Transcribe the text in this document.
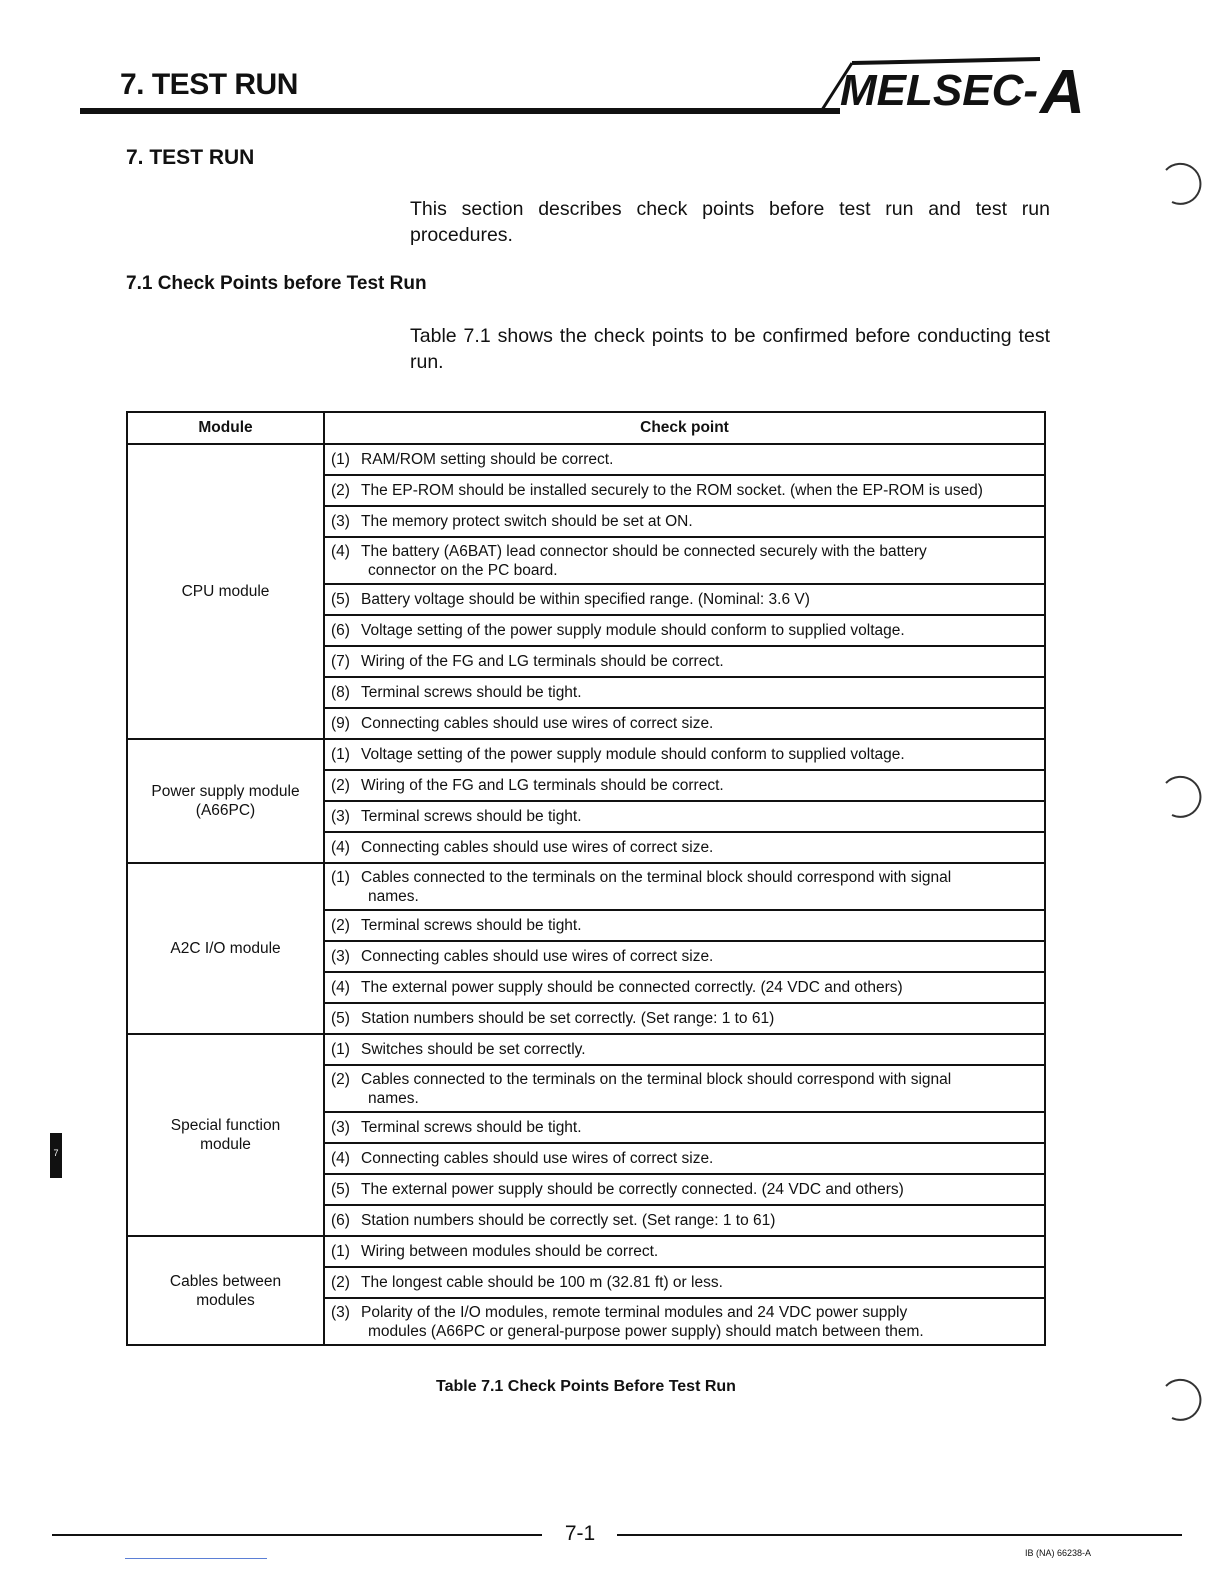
7. TEST RUN	MELSEC- A
7. TEST RUN
This section describes check points before test run and test run procedures.
7.1 Check Points before Test Run
Table 7.1 shows the check points to be confirmed before conducting test run.
Module	Check point
CPU module	(1) RAM/ROM setting should be correct.

	(2) The EP-ROM should be installed securely to the ROM socket. (when the EP-ROM is used)

	(3) The memory protect switch should be set at ON.

	(4) The battery (A6BAT) lead connector should be connected securely with the battery
connector on the PC board.

	(5) Battery voltage should be within specified range. (Nominal: 3.6 V)

	(6) Voltage setting of the power supply module should conform to supplied voltage.

	(7) Wiring of the FG and LG terminals should be correct.

	(8) Terminal screws should be tight.

	(9) Connecting cables should use wires of correct size.

Power supply module
(A66PC)	(1) Voltage setting of the power supply module should conform to supplied voltage.

	(2) Wiring of the FG and LG terminals should be correct.

	(3) Terminal screws should be tight.

	(4) Connecting cables should use wires of correct size.

A2C I/O module	(1) Cables connected to the terminals on the terminal block should correspond with signal
names.

	(2) Terminal screws should be tight.

	(3) Connecting cables should use wires of correct size.

	(4) The external power supply should be connected correctly. (24 VDC and others)

	(5) Station numbers should be set correctly. (Set range: 1 to 61)

Special function
module	(1) Switches should be set correctly.

	(2) Cables connected to the terminals on the terminal block should correspond with signal
names.

	(3) Terminal screws should be tight.

	(4) Connecting cables should use wires of correct size.

	(5) The external power supply should be correctly connected. (24 VDC and others)

	(6) Station numbers should be correctly set. (Set range: 1 to 61)

Cables between
modules	(1) Wiring between modules should be correct.

	(2) The longest cable should be 100 m (32.81 ft) or less.

	(3) Polarity of the I/O modules, remote terminal modules and 24 VDC power supply
modules (A66PC or general-purpose power supply) should match between them.
Table 7.1 Check Points Before Test Run
7
7-1
IB (NA) 66238-A
